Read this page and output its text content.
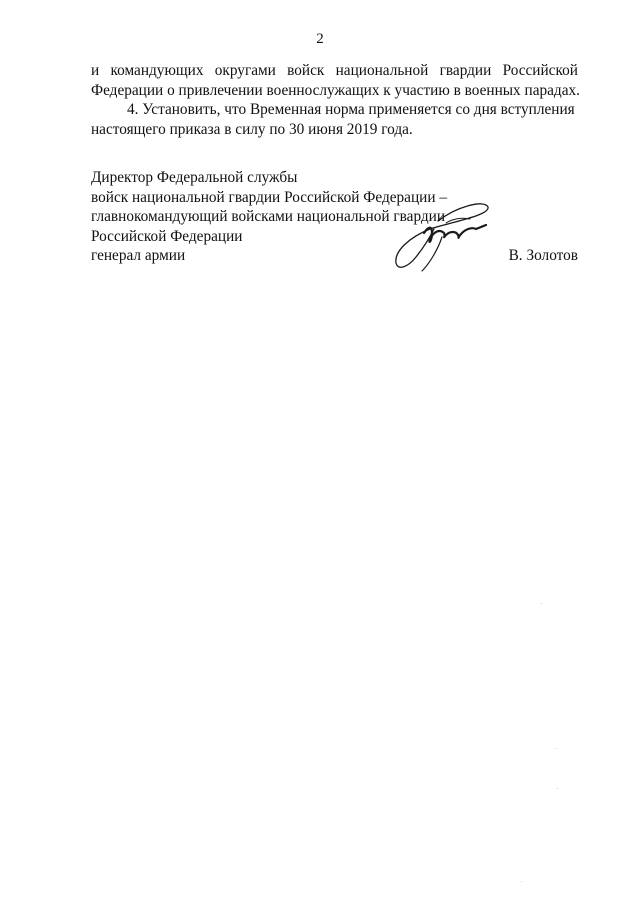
2
и командующих округами войск национальной гвардии Российской
Федерации о привлечении военнослужащих к участию в военных парадах.
4. Установить, что Временная норма применяется со дня вступления
настоящего приказа в силу по 30 июня 2019 года.
Директор Федеральной службы
войск национальной гвардии Российской Федерации –
главнокомандующий войсками национальной гвардии
Российской Федерации
генерал армии	В. Золотов
